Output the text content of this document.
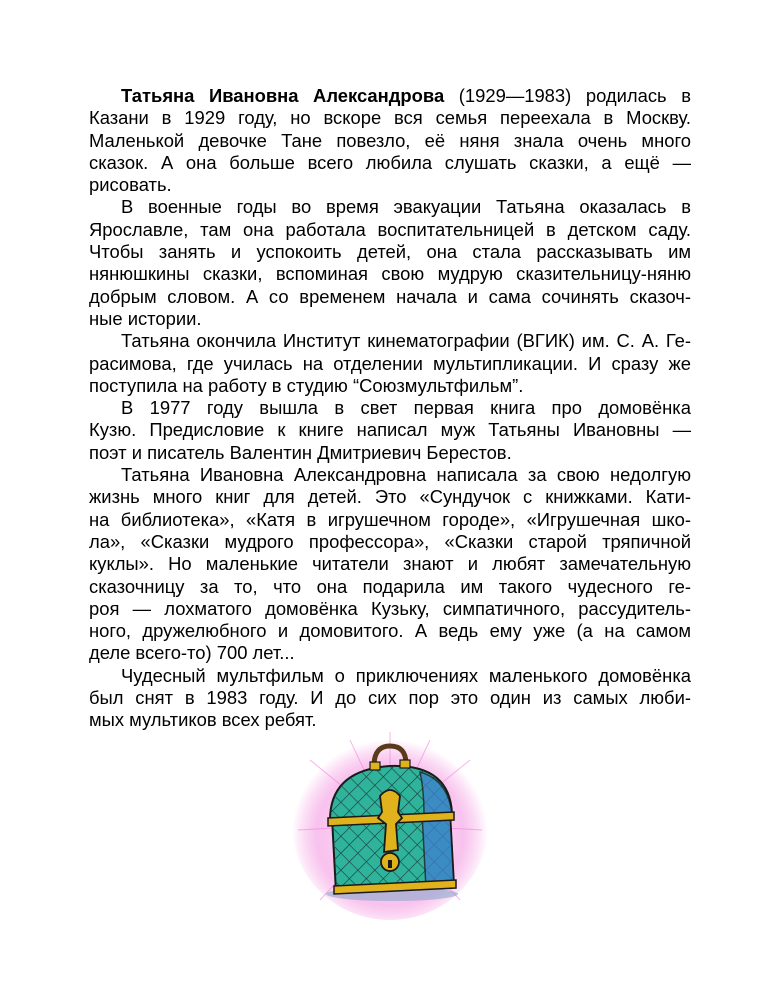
Татьяна Ивановна Александрова (1929—1983) родилась в
Казани в 1929 году, но вскоре вся семья переехала в Москву.
Маленькой девочке Тане повезло, её няня знала очень много
сказок. А она больше всего любила слушать сказки, а ещё —
рисовать.
В военные годы во время эвакуации Татьяна оказалась в
Ярославле, там она работала воспитательницей в детском саду.
Чтобы занять и успокоить детей, она стала рассказывать им
нянюшкины сказки, вспоминая свою мудрую сказительницу-няню
добрым словом. А со временем начала и сама сочинять сказоч-
ные истории.
Татьяна окончила Институт кинематографии (ВГИК) им. С. А. Ге-
расимова, где училась на отделении мультипликации. И сразу же
поступила на работу в студию “Союзмультфильм”.
В 1977 году вышла в свет первая книга про домовёнка
Кузю. Предисловие к книге написал муж Татьяны Ивановны —
поэт и писатель Валентин Дмитриевич Берестов.
Татьяна Ивановна Александровна написала за свою недолгую
жизнь много книг для детей. Это «Сундучок с книжками. Кати-
на библиотека», «Катя в игрушечном городе», «Игрушечная шко-
ла», «Сказки мудрого профессора», «Сказки старой тряпичной
куклы». Но маленькие читатели знают и любят замечательную
сказочницу за то, что она подарила им такого чудесного ге-
роя — лохматого домовёнка Кузьку, симпатичного, рассудитель-
ного, дружелюбного и домовитого. А ведь ему уже (а на самом
деле всего-то) 700 лет...
Чудесный мультфильм о приключениях маленького домовёнка
был снят в 1983 году. И до сих пор это один из самых люби-
мых мультиков всех ребят.
